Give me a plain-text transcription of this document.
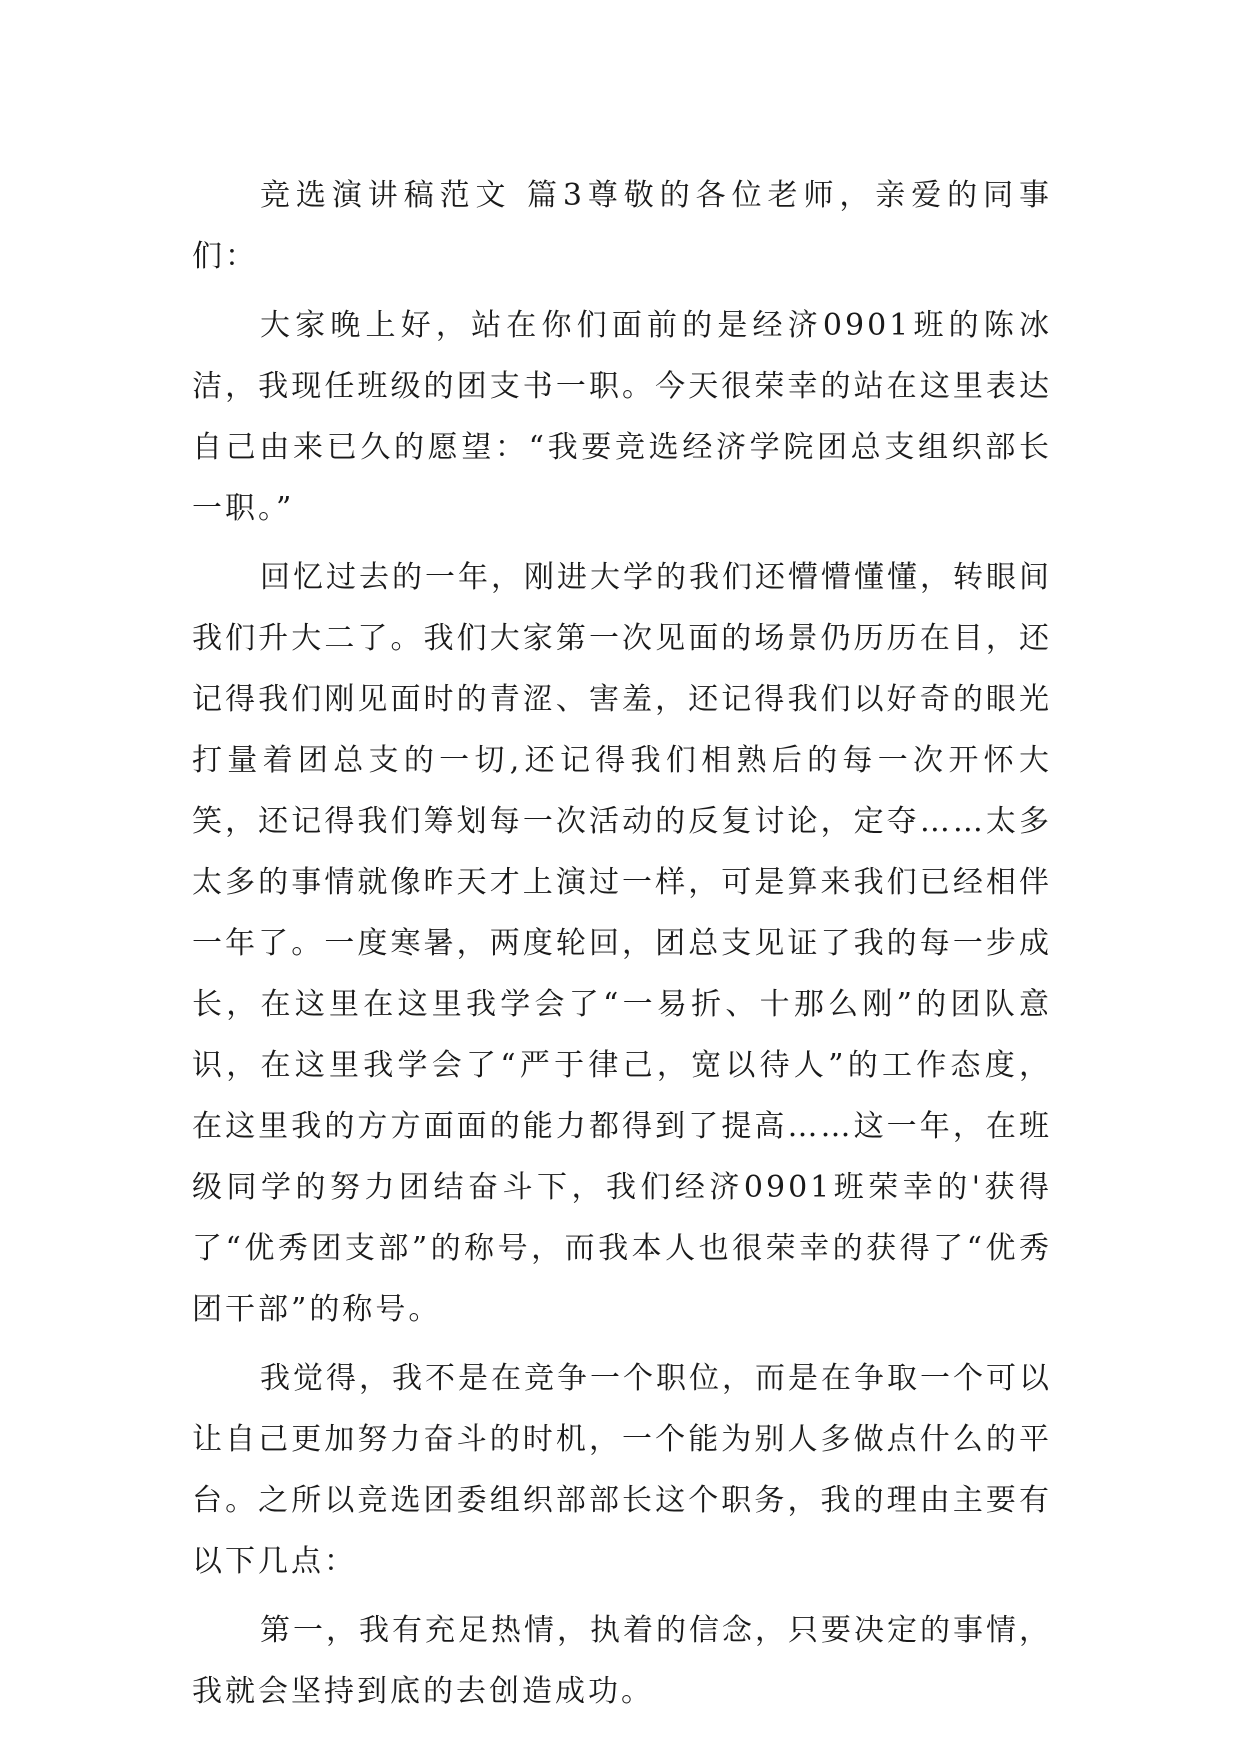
竞选演讲稿范文 篇3尊敬的各位老师，亲爱的同事们：

大家晚上好，站在你们面前的是经济0901班的陈冰洁，我现任班级的团支书一职。今天很荣幸的站在这里表达自己由来已久的愿望：“我要竞选经济学院团总支组织部长一职。”

回忆过去的一年，刚进大学的我们还懵懵懂懂，转眼间我们升大二了。我们大家第一次见面的场景仍历历在目，还记得我们刚见面时的青涩、害羞，还记得我们以好奇的眼光打量着团总支的一切,还记得我们相熟后的每一次开怀大笑，还记得我们筹划每一次活动的反复讨论，定夺……太多太多的事情就像昨天才上演过一样，可是算来我们已经相伴一年了。一度寒暑，两度轮回，团总支见证了我的每一步成长，在这里在这里我学会了“一易折、十那么刚”的团队意识，在这里我学会了“严于律己，宽以待人”的工作态度，在这里我的方方面面的能力都得到了提高……这一年，在班级同学的努力团结奋斗下，我们经济0901班荣幸的'获得了“优秀团支部”的称号，而我本人也很荣幸的获得了“优秀团干部”的称号。

我觉得，我不是在竞争一个职位，而是在争取一个可以让自己更加努力奋斗的时机，一个能为别人多做点什么的平台。之所以竞选团委组织部部长这个职务，我的理由主要有以下几点：

第一，我有充足热情，执着的信念，只要决定的事情，我就会坚持到底的去创造成功。
